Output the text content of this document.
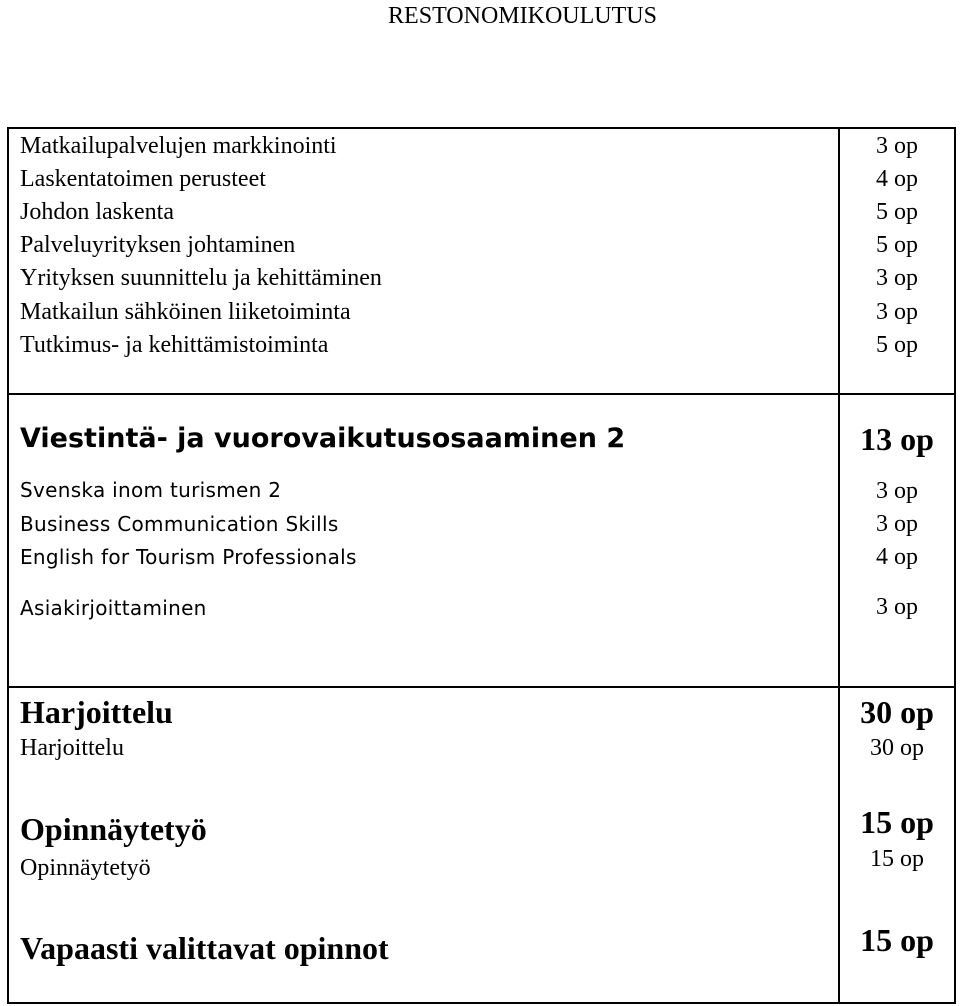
RESTONOMIKOULUTUS
Matkailupalvelujen markkinointi	3 op
Laskentatoimen perusteet	4 op
Johdon laskenta	5 op
Palveluyrityksen johtaminen	5 op
Yrityksen suunnittelu ja kehittäminen	3 op
Matkailun sähköinen liiketoiminta	3 op
Tutkimus- ja kehittämistoiminta	5 op
Viestintä- ja vuorovaikutusosaaminen 2	13 op
Svenska inom turismen 2	3 op
Business Communication Skills	3 op
English for Tourism Professionals	4 op
Asiakirjoittaminen	3 op
Harjoittelu	30 op
Harjoittelu	30 op
Opinnäytetyö	15 op
Opinnäytetyö	15 op
Vapaasti valittavat opinnot	15 op
